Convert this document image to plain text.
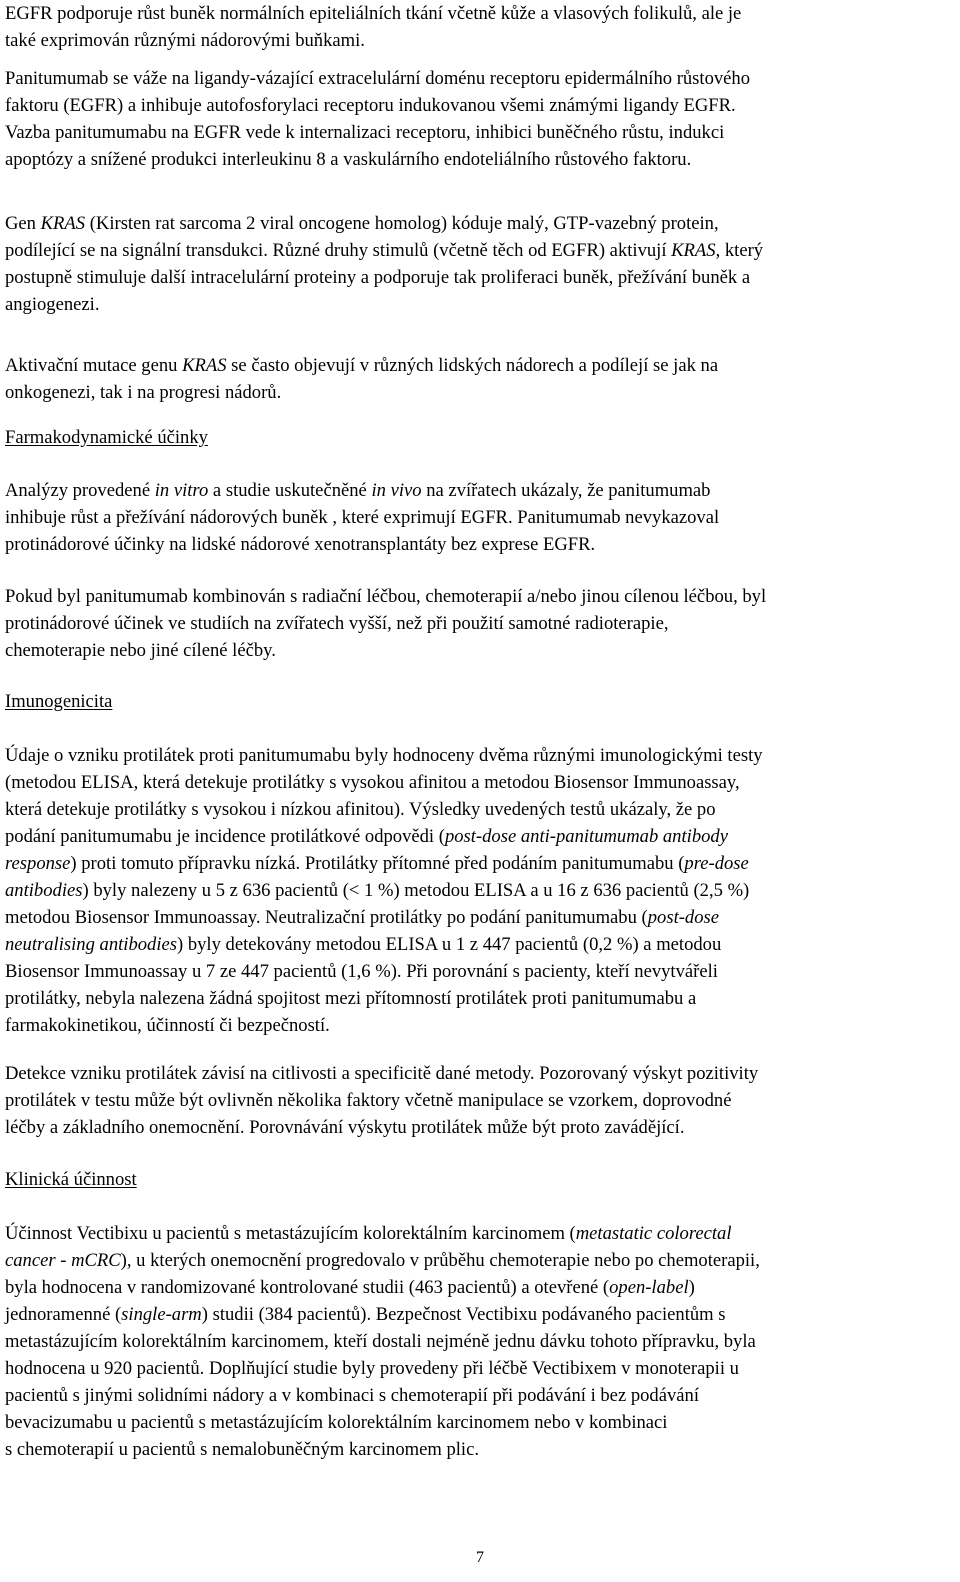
EGFR podporuje růst buněk normálních epiteliálních tkání včetně kůže a vlasových folikulů, ale je
také exprimován různými nádorovými buňkami.

Panitumumab se váže na ligandy-vázající extracelulární doménu receptoru epidermálního růstového
faktoru (EGFR) a inhibuje autofosforylaci receptoru indukovanou všemi známými ligandy EGFR.
Vazba panitumumabu na EGFR vede k internalizaci receptoru, inhibici buněčného růstu, indukci
apoptózy a snížené produkci interleukinu 8 a vaskulárního endoteliálního růstového faktoru.

Gen KRAS (Kirsten rat sarcoma 2 viral oncogene homolog) kóduje malý, GTP-vazebný protein,
podílející se na signální transdukci. Různé druhy stimulů (včetně těch od EGFR) aktivují KRAS, který
postupně stimuluje další intracelulární proteiny a podporuje tak proliferaci buněk, přežívání buněk a
angiogenezi.

Aktivační mutace genu KRAS se často objevují v různých lidských nádorech a podílejí se jak na
onkogenezi, tak i na progresi nádorů.

Farmakodynamické účinky

Analýzy provedené in vitro a studie uskutečněné in vivo na zvířatech ukázaly, že panitumumab
inhibuje růst a přežívání nádorových buněk , které exprimují EGFR. Panitumumab nevykazoval
protinádorové účinky na lidské nádorové xenotransplantáty bez exprese EGFR.

Pokud byl panitumumab kombinován s radiační léčbou, chemoterapií a/nebo jinou cílenou léčbou, byl
protinádorové účinek ve studiích na zvířatech vyšší, než při použití samotné radioterapie,
chemoterapie nebo jiné cílené léčby.

Imunogenicita

Údaje o vzniku protilátek proti panitumumabu byly hodnoceny dvěma různými imunologickými testy
(metodou ELISA, která detekuje protilátky s vysokou afinitou a metodou Biosensor Immunoassay,
která detekuje protilátky s vysokou i nízkou afinitou). Výsledky uvedených testů ukázaly, že po
podání panitumumabu je incidence protilátkové odpovědi (post-dose anti-panitumumab antibody
response) proti tomuto přípravku nízká. Protilátky přítomné před podáním panitumumabu (pre-dose
antibodies) byly nalezeny u 5 z 636 pacientů (< 1 %) metodou ELISA a u 16 z 636 pacientů (2,5 %)
metodou Biosensor Immunoassay. Neutralizační protilátky po podání panitumumabu (post-dose
neutralising antibodies) byly detekovány metodou ELISA u 1 z 447 pacientů (0,2 %) a metodou
Biosensor Immunoassay u 7 ze 447 pacientů (1,6 %). Při porovnání s pacienty, kteří nevytvářeli
protilátky, nebyla nalezena žádná spojitost mezi přítomností protilátek proti panitumumabu a
farmakokinetikou, účinností či bezpečností.

Detekce vzniku protilátek závisí na citlivosti a specificitě dané metody. Pozorovaný výskyt pozitivity
protilátek v testu může být ovlivněn několika faktory včetně manipulace se vzorkem, doprovodné
léčby a základního onemocnění. Porovnávání výskytu protilátek může být proto zavádějící.

Klinická účinnost

Účinnost Vectibixu u pacientů s metastázujícím kolorektálním karcinomem (metastatic colorectal
cancer - mCRC), u kterých onemocnění progredovalo v průběhu chemoterapie nebo po chemoterapii,
byla hodnocena v randomizované kontrolované studii (463 pacientů) a otevřené (open-label)
jednoramenné (single-arm) studii (384 pacientů). Bezpečnost Vectibixu podávaného pacientům s
metastázujícím kolorektálním karcinomem, kteří dostali nejméně jednu dávku tohoto přípravku, byla
hodnocena u 920 pacientů. Doplňující studie byly provedeny při léčbě Vectibixem v monoterapii u
pacientů s jinými solidními nádory a v kombinaci s chemoterapií při podávání i bez podávání
bevacizumabu u pacientů s metastázujícím kolorektálním karcinomem nebo v kombinaci
s chemoterapií u pacientů s nemalobuněčným karcinomem plic.

7
